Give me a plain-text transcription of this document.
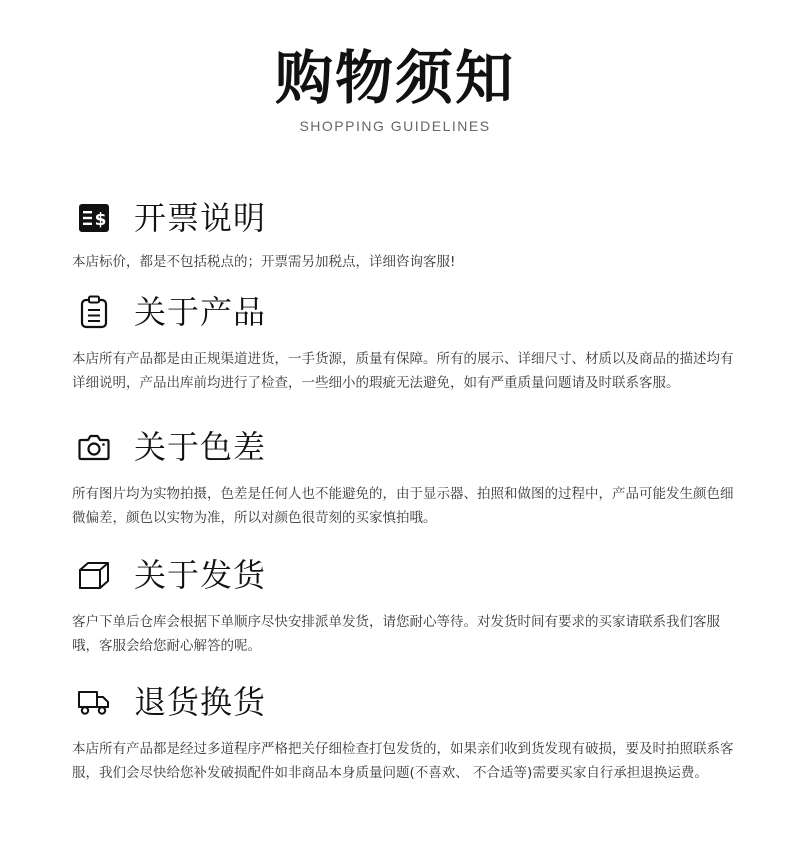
购物须知
SHOPPING GUIDELINES
$ 开票说明
本店标价，都是不包括税点的；开票需另加税点，详细咨询客服!
关于产品
本店所有产品都是由正规渠道进货，一手货源，质量有保障。所有的展示、详细尺寸、材质以及商品的描述均有详细说明，产品出库前均进行了检查，一些细小的瑕疵无法避免，如有严重质量问题请及时联系客服。
关于色差
所有图片均为实物拍摄，色差是任何人也不能避免的，由于显示器、拍照和做图的过程中，产品可能发生颜色细微偏差，颜色以实物为准，所以对颜色很苛刻的买家慎拍哦。
关于发货
客户下单后仓库会根据下单顺序尽快安排派单发货，请您耐心等待。对发货时间有要求的买家请联系我们客服哦，客服会给您耐心解答的呢。
退货换货
本店所有产品都是经过多道程序严格把关仔细检查打包发货的，如果亲们收到货发现有破损，要及时拍照联系客服，我们会尽快给您补发破损配件如非商品本身质量问题(不喜欢、 不合适等)需要买家自行承担退换运费。
